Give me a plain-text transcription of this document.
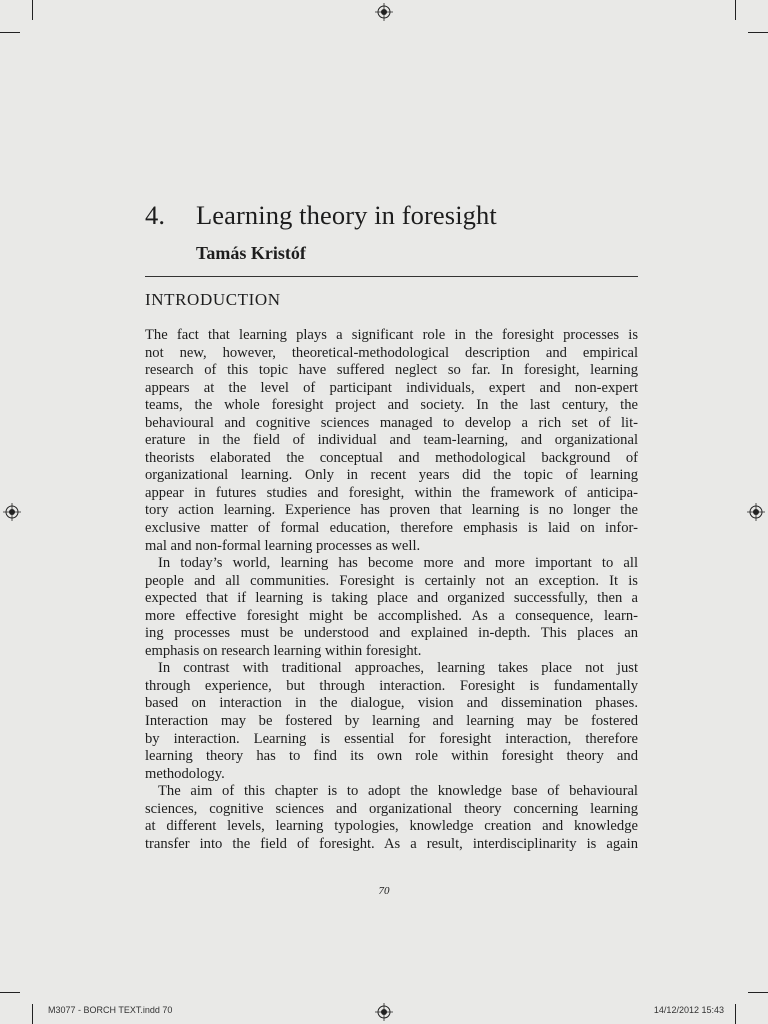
4. Learning theory in foresight
Tamás Kristóf
INTRODUCTION
The fact that learning plays a significant role in the foresight processes is
not new, however, theoretical-methodological description and empirical
research of this topic have suffered neglect so far. In foresight, learning
appears at the level of participant individuals, expert and non-expert
teams, the whole foresight project and society. In the last century, the
behavioural and cognitive sciences managed to develop a rich set of lit-
erature in the field of individual and team-learning, and organizational
theorists elaborated the conceptual and methodological background of
organizational learning. Only in recent years did the topic of learning
appear in futures studies and foresight, within the framework of anticipa-
tory action learning. Experience has proven that learning is no longer the
exclusive matter of formal education, therefore emphasis is laid on infor-
mal and non-formal learning processes as well.
In today’s world, learning has become more and more important to all
people and all communities. Foresight is certainly not an exception. It is
expected that if learning is taking place and organized successfully, then a
more effective foresight might be accomplished. As a consequence, learn-
ing processes must be understood and explained in-depth. This places an
emphasis on research learning within foresight.
In contrast with traditional approaches, learning takes place not just
through experience, but through interaction. Foresight is fundamentally
based on interaction in the dialogue, vision and dissemination phases.
Interaction may be fostered by learning and learning may be fostered
by interaction. Learning is essential for foresight interaction, therefore
learning theory has to find its own role within foresight theory and
methodology.
The aim of this chapter is to adopt the knowledge base of behavioural
sciences, cognitive sciences and organizational theory concerning learning
at different levels, learning typologies, knowledge creation and knowledge
transfer into the field of foresight. As a result, interdisciplinarity is again
70
M3077 - BORCH TEXT.indd 70	14/12/2012 15:43
